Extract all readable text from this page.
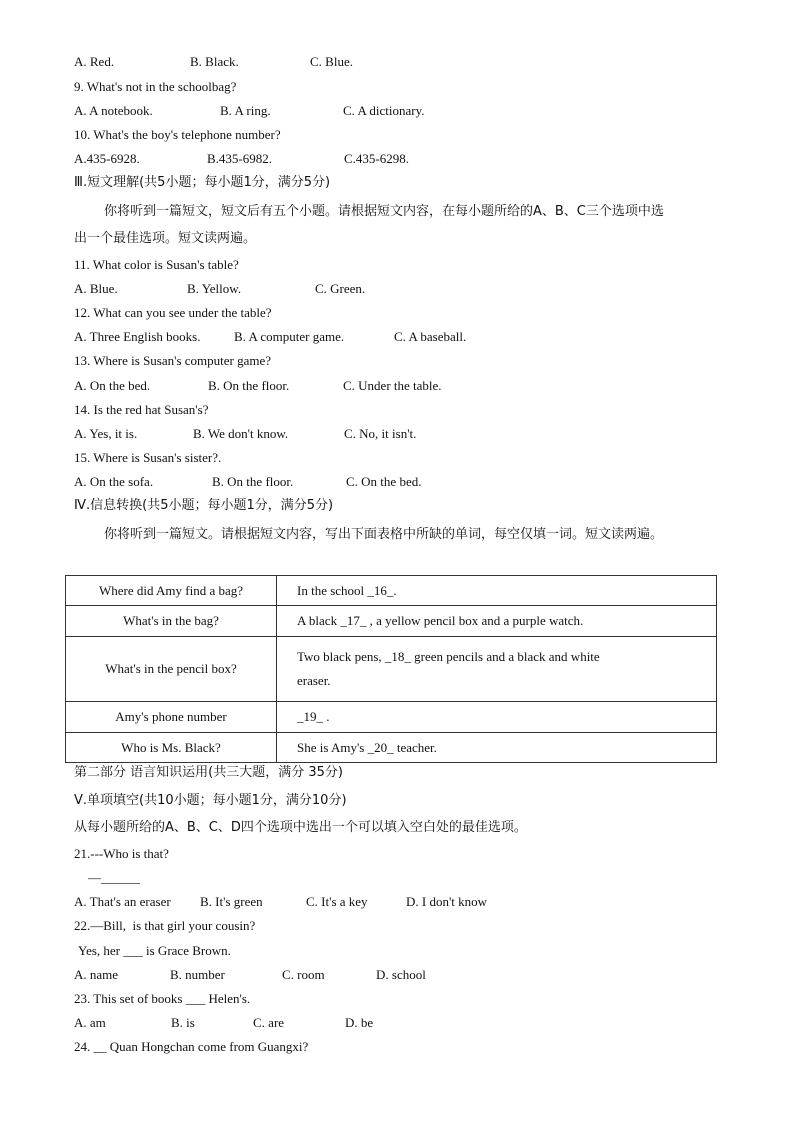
A. Red.	B. Black.	C. Blue.
9. What's not in the schoolbag?
A. A notebook.	B. A ring.	C. A dictionary.
10. What's the boy's telephone number?
A.435-6928.	B.435-6982.	C.435-6298.
Ⅲ.短文理解(共5小题；每小题1分，满分5分)
你将听到一篇短文，短文后有五个小题。请根据短文内容，在每小题所给的A、B、C三个选项中选
出一个最佳选项。短文读两遍。
11. What color is Susan's table?
A. Blue.	B. Yellow.	C. Green.
12. What can you see under the table?
A. Three English books.	B. A computer game.	C. A baseball.
13. Where is Susan's computer game?
A. On the bed.	B. On the floor.	C. Under the table.
14. Is the red hat Susan's?
A. Yes, it is.	B. We don't know.	C. No, it isn't.
15. Where is Susan's sister?.
A. On the sofa.	B. On the floor.	C. On the bed.
Ⅳ.信息转换(共5小题；每小题1分，满分5分)
你将听到一篇短文。请根据短文内容，写出下面表格中所缺的单词，每空仅填一词。短文读两遍。
Where did Amy find a bag?	In the school _16_.
What's in the bag?	A black _17_ , a yellow pencil box and a purple watch.
What's in the pencil box?	Two black pens, _18_ green pencils and a black and white
eraser.

Amy's phone number	_19_ .
Who is Ms. Black?	She is Amy's _20_ teacher.
第二部分 语言知识运用(共三大题，满分 35分)
Ⅴ.单项填空(共10小题；每小题1分，满分10分)
从每小题所给的A、B、C、D四个选项中选出一个可以填入空白处的最佳选项。
21.---Who is that?
—______
A. That's an eraser B. It's green	C. It's a key	D. I don't know
22.—Bill,  is that girl your cousin?
Yes, her ___ is Grace Brown.
A. name	B. number	C. room	D. school
23. This set of books ___ Helen's.
A. am	B. is	C. are	D. be
24. __ Quan Hongchan come from Guangxi?
